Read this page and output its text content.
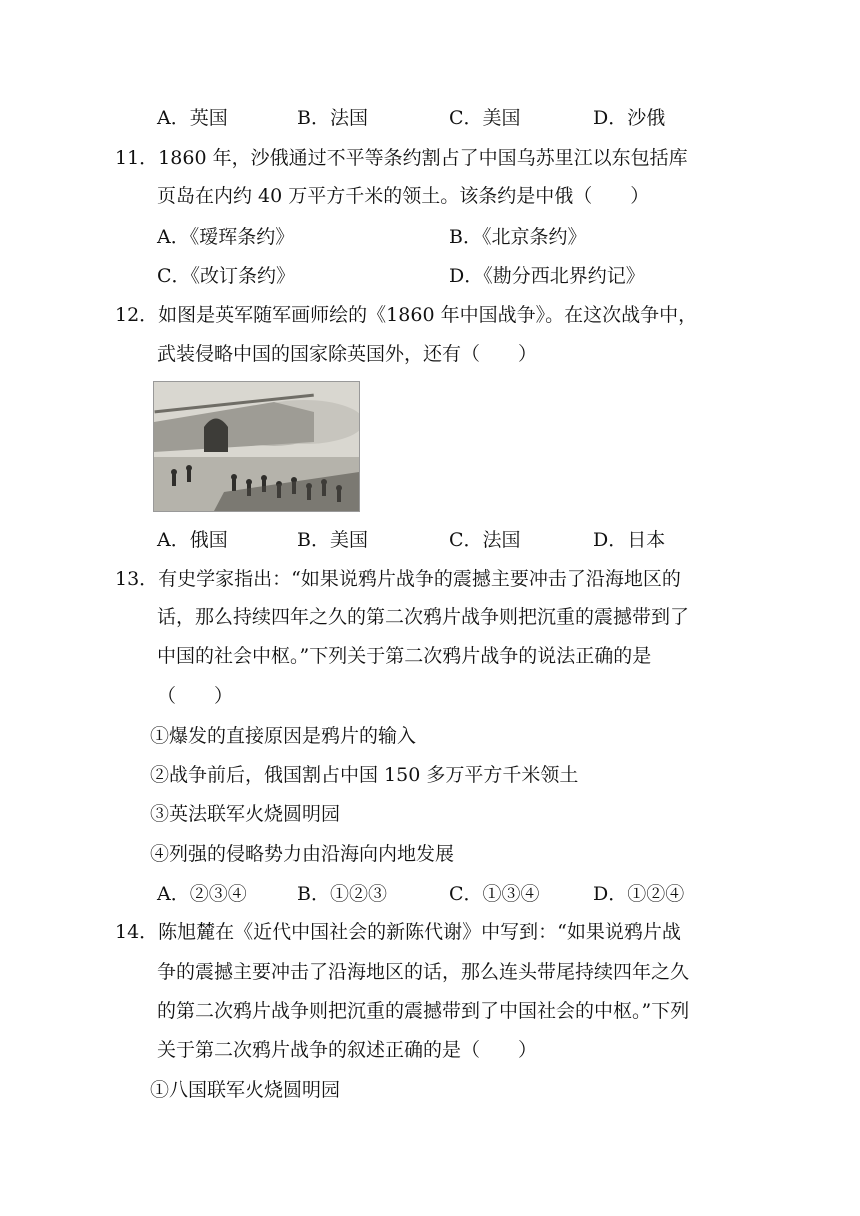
A．英国	B．法国	C．美国	D．沙俄
11．1860 年，沙俄通过不平等条约割占了中国乌苏里江以东包括库
页岛在内约 40 万平方千米的领土。该条约是中俄（　　）
A．《瑷珲条约》	B．《北京条约》
C．《改订条约》	D．《勘分西北界约记》
12．如图是英军随军画师绘的《1860 年中国战争》。在这次战争中，
武装侵略中国的国家除英国外，还有（　　）
A．俄国	B．美国	C．法国	D．日本
13．有史学家指出：“如果说鸦片战争的震撼主要冲击了沿海地区的
话，那么持续四年之久的第二次鸦片战争则把沉重的震撼带到了
中国的社会中枢。”下列关于第二次鸦片战争的说法正确的是
（　　）
①爆发的直接原因是鸦片的输入
②战争前后，俄国割占中国 150 多万平方千米领土
③英法联军火烧圆明园
④列强的侵略势力由沿海向内地发展
A．②③④	B．①②③	C．①③④	D．①②④
14．陈旭麓在《近代中国社会的新陈代谢》中写到：“如果说鸦片战
争的震撼主要冲击了沿海地区的话，那么连头带尾持续四年之久
的第二次鸦片战争则把沉重的震撼带到了中国社会的中枢。”下列
关于第二次鸦片战争的叙述正确的是（　　）
①八国联军火烧圆明园
